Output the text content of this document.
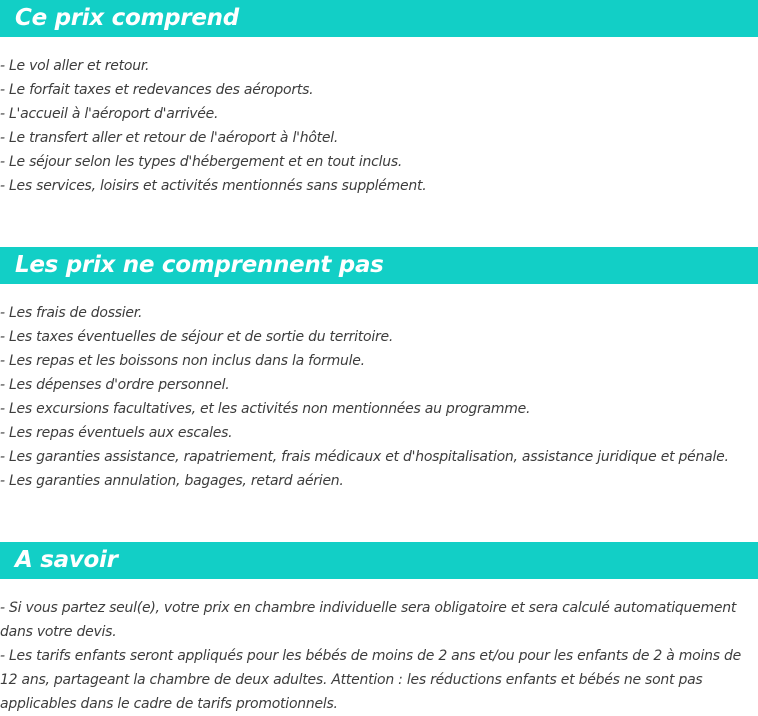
Ce prix comprend
- Le vol aller et retour.
- Le forfait taxes et redevances des aéroports.
- L'accueil à l'aéroport d'arrivée.
- Le transfert aller et retour de l'aéroport à l'hôtel.
- Le séjour selon les types d'hébergement et en tout inclus.
- Les services, loisirs et activités mentionnés sans supplément.
Les prix ne comprennent pas
- Les frais de dossier.
- Les taxes éventuelles de séjour et de sortie du territoire.
- Les repas et les boissons non inclus dans la formule.
- Les dépenses d'ordre personnel.
- Les excursions facultatives, et les activités non mentionnées au programme.
- Les repas éventuels aux escales.
- Les garanties assistance, rapatriement, frais médicaux et d'hospitalisation, assistance juridique et pénale.
- Les garanties annulation, bagages, retard aérien.
A savoir
- Si vous partez seul(e), votre prix en chambre individuelle sera obligatoire et sera calculé automatiquement dans votre devis.
- Les tarifs enfants seront appliqués pour les bébés de moins de 2 ans et/ou pour les enfants de 2 à moins de 12 ans, partageant la chambre de deux adultes. Attention : les réductions enfants et bébés ne sont pas applicables dans le cadre de tarifs promotionnels.
